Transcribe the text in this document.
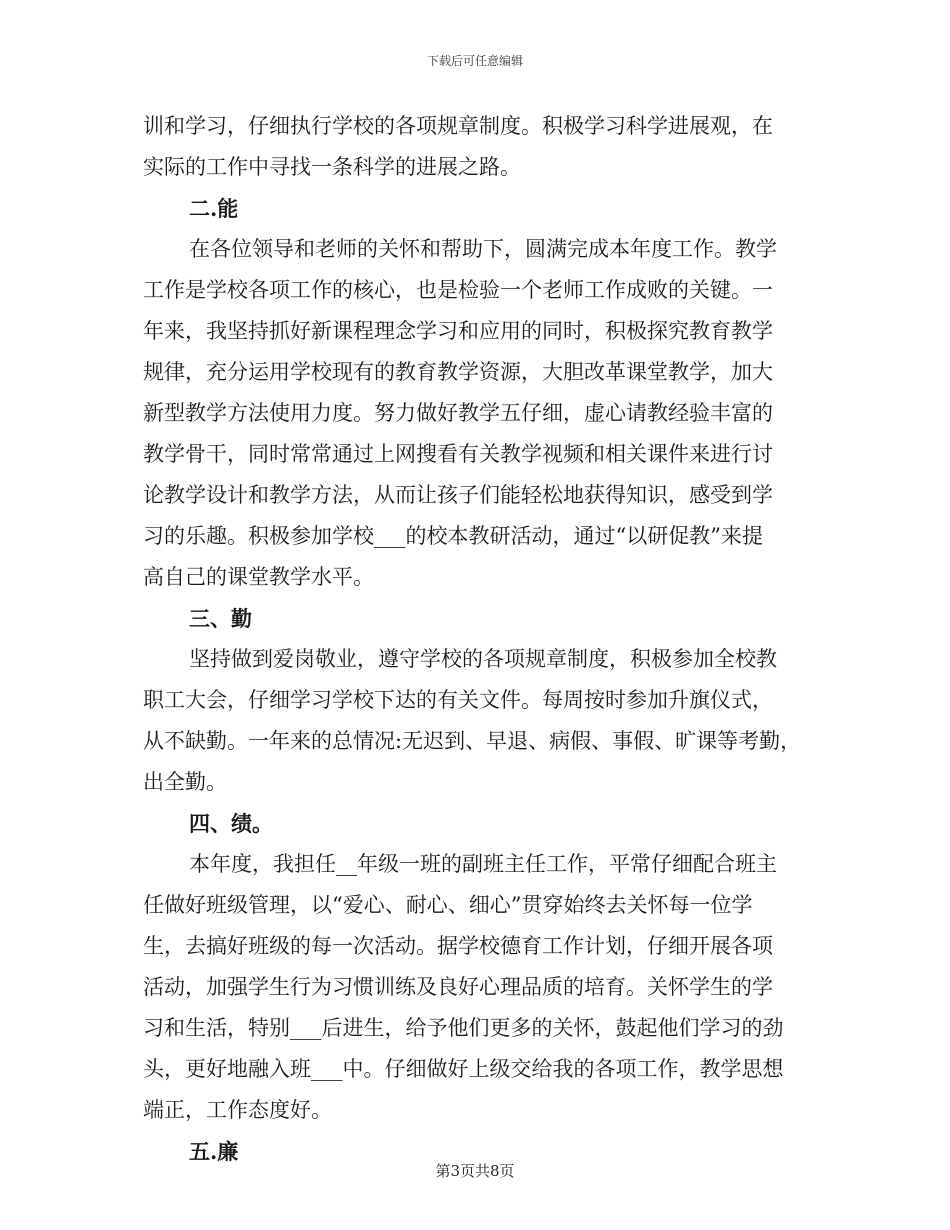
下载后可任意编辑
训和学习，仔细执行学校的各项规章制度。积极学习科学进展观，在
实际的工作中寻找一条科学的进展之路。
二.能
在各位领导和老师的关怀和帮助下，圆满完成本年度工作。教学
工作是学校各项工作的核心，也是检验一个老师工作成败的关键。一
年来，我坚持抓好新课程理念学习和应用的同时，积极探究教育教学
规律，充分运用学校现有的教育教学资源，大胆改革课堂教学，加大
新型教学方法使用力度。努力做好教学五仔细，虚心请教经验丰富的
教学骨干，同时常常通过上网搜看有关教学视频和相关课件来进行讨
论教学设计和教学方法，从而让孩子们能轻松地获得知识，感受到学
习的乐趣。积极参加学校___的校本教研活动，通过“以研促教”来提
高自己的课堂教学水平。
三、勤
坚持做到爱岗敬业，遵守学校的各项规章制度，积极参加全校教
职工大会，仔细学习学校下达的有关文件。每周按时参加升旗仪式，
从不缺勤。一年来的总情况:无迟到、早退、病假、事假、旷课等考勤，
出全勤。
四、绩。
本年度，我担任__年级一班的副班主任工作，平常仔细配合班主
任做好班级管理，以“爱心、耐心、细心”贯穿始终去关怀每一位学
生，去搞好班级的每一次活动。据学校德育工作计划，仔细开展各项
活动，加强学生行为习惯训练及良好心理品质的培育。关怀学生的学
习和生活，特别___后进生，给予他们更多的关怀，鼓起他们学习的劲
头，更好地融入班___中。仔细做好上级交给我的各项工作，教学思想
端正，工作态度好。
五.廉
第3页共8页
